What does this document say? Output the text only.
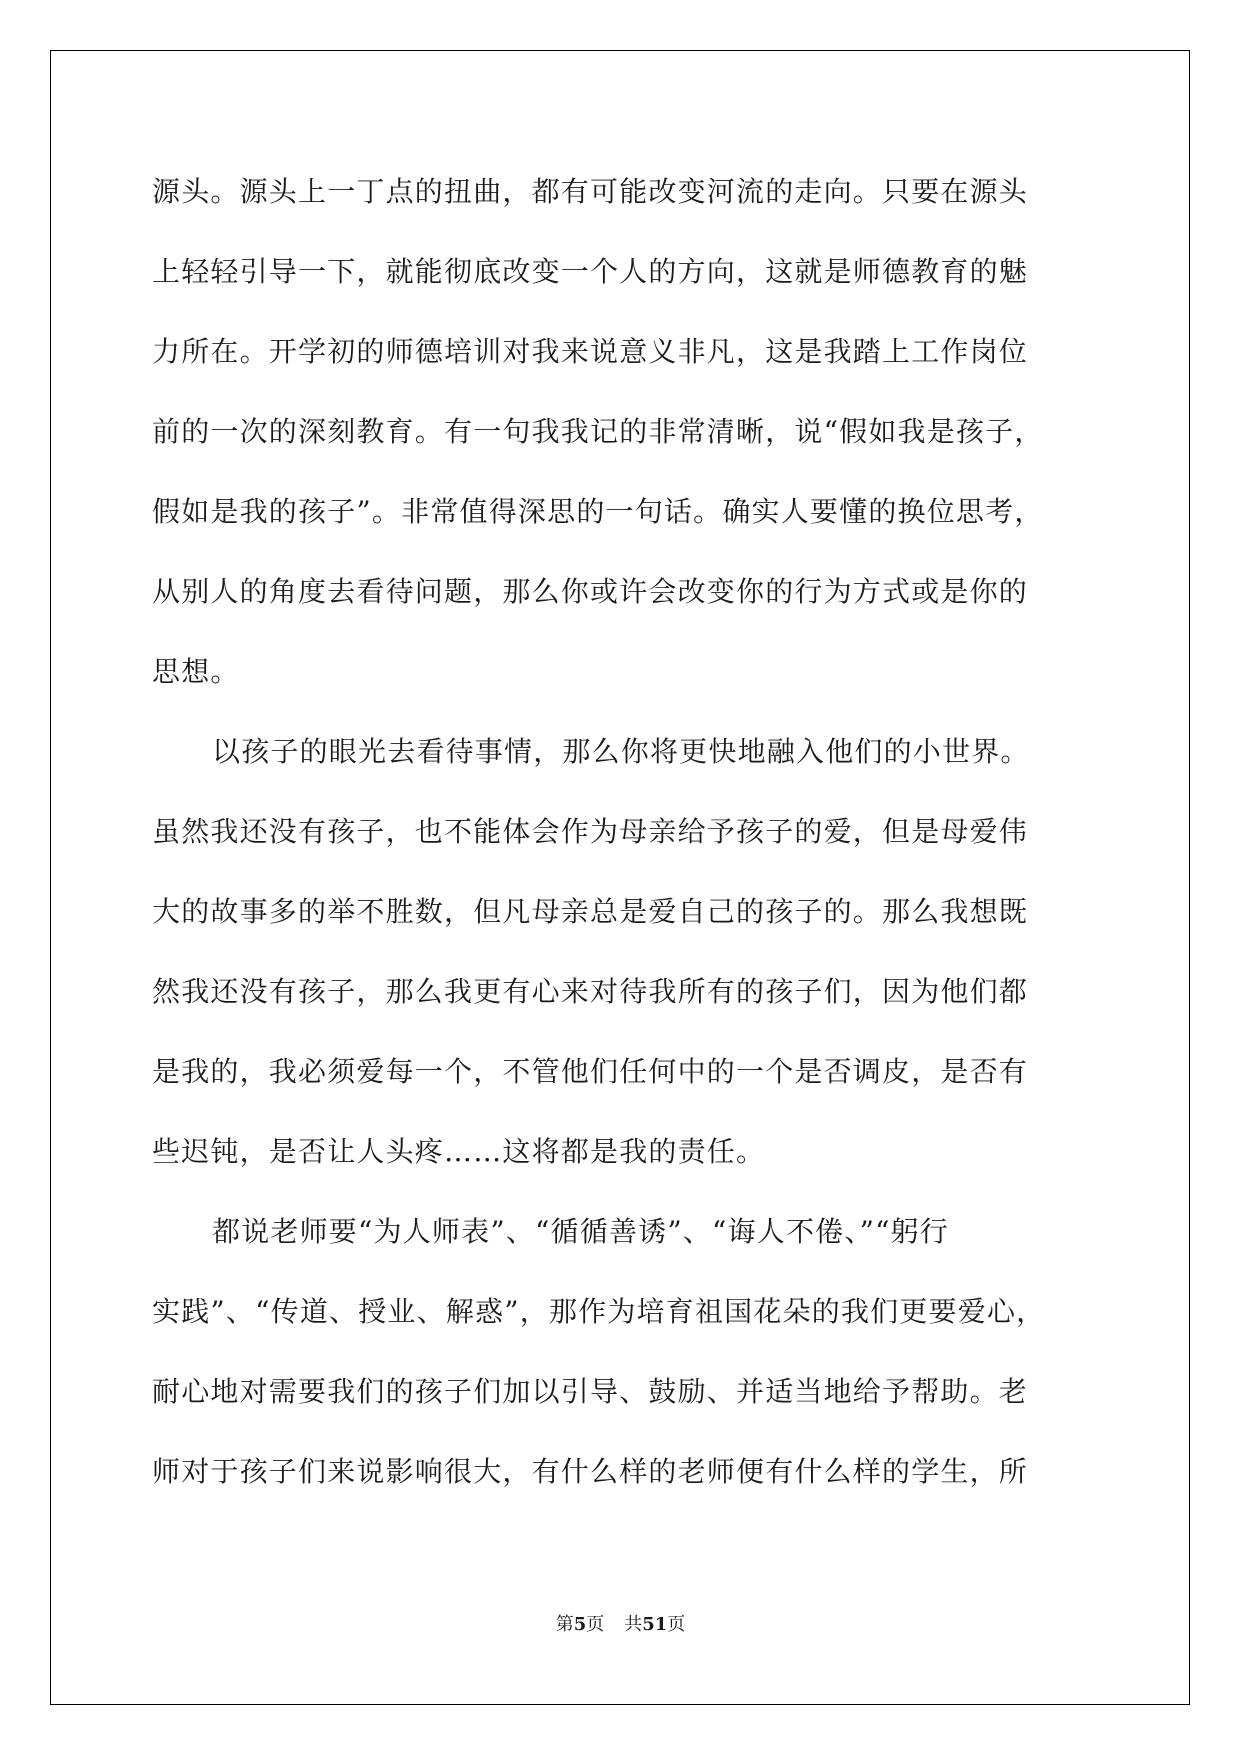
源头。源头上一丁点的扭曲，都有可能改变河流的走向。只要在源头
上轻轻引导一下，就能彻底改变一个人的方向，这就是师德教育的魅
力所在。开学初的师德培训对我来说意义非凡，这是我踏上工作岗位
前的一次的深刻教育。有一句我我记的非常清晰，说“假如我是孩子，
假如是我的孩子”。非常值得深思的一句话。确实人要懂的换位思考，
从别人的角度去看待问题，那么你或许会改变你的行为方式或是你的
思想。
以孩子的眼光去看待事情，那么你将更快地融入他们的小世界。
虽然我还没有孩子，也不能体会作为母亲给予孩子的爱，但是母爱伟
大的故事多的举不胜数，但凡母亲总是爱自己的孩子的。那么我想既
然我还没有孩子，那么我更有心来对待我所有的孩子们，因为他们都
是我的，我必须爱每一个，不管他们任何中的一个是否调皮，是否有
些迟钝，是否让人头疼……这将都是我的责任。
都说老师要“为人师表”、“循循善诱”、“诲人不倦、”“躬行
实践”、“传道、授业、解惑”，那作为培育祖国花朵的我们更要爱心，
耐心地对需要我们的孩子们加以引导、鼓励、并适当地给予帮助。老
师对于孩子们来说影响很大，有什么样的老师便有什么样的学生，所
第5页 共51页
